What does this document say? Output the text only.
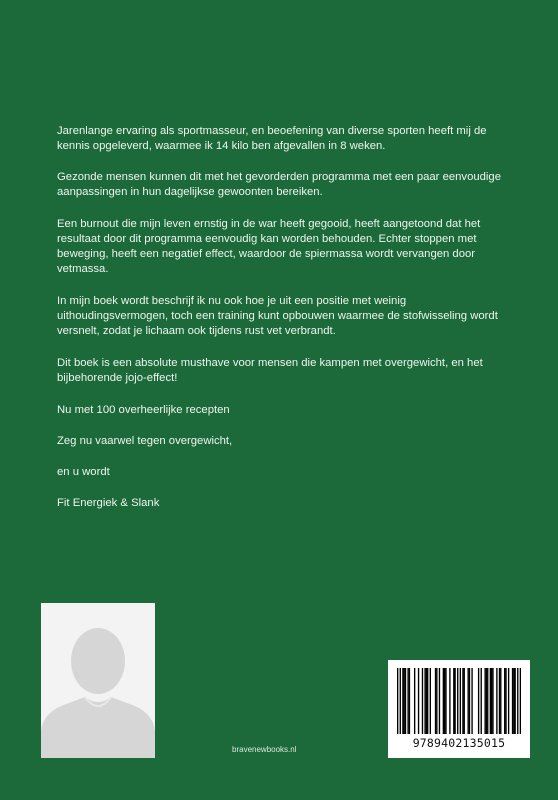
Jarenlange ervaring als sportmasseur, en beoefening van diverse sporten heeft mij de kennis opgeleverd, waarmee ik 14 kilo ben afgevallen in 8 weken.

Gezonde mensen kunnen dit met het gevorderden programma met een paar eenvoudige aanpassingen in hun dagelijkse gewoonten bereiken.

Een burnout die mijn leven ernstig in de war heeft gegooid, heeft aangetoond dat het resultaat door dit programma eenvoudig kan worden behouden. Echter stoppen met beweging, heeft een negatief effect, waardoor de spiermassa wordt vervangen door vetmassa.

In mijn boek wordt beschrijf ik nu ook hoe je uit een positie met weinig uithoudingsvermogen, toch een training kunt opbouwen waarmee de stofwisseling wordt versnelt, zodat je lichaam ook tijdens rust vet verbrandt.

Dit boek is een absolute musthave voor mensen die kampen met overgewicht, en het bijbehorende jojo-effect!

Nu met 100 overheerlijke recepten

Zeg nu vaarwel tegen overgewicht,

en u wordt

Fit Energiek & Slank

bravenewbooks.nl	9789402135015
